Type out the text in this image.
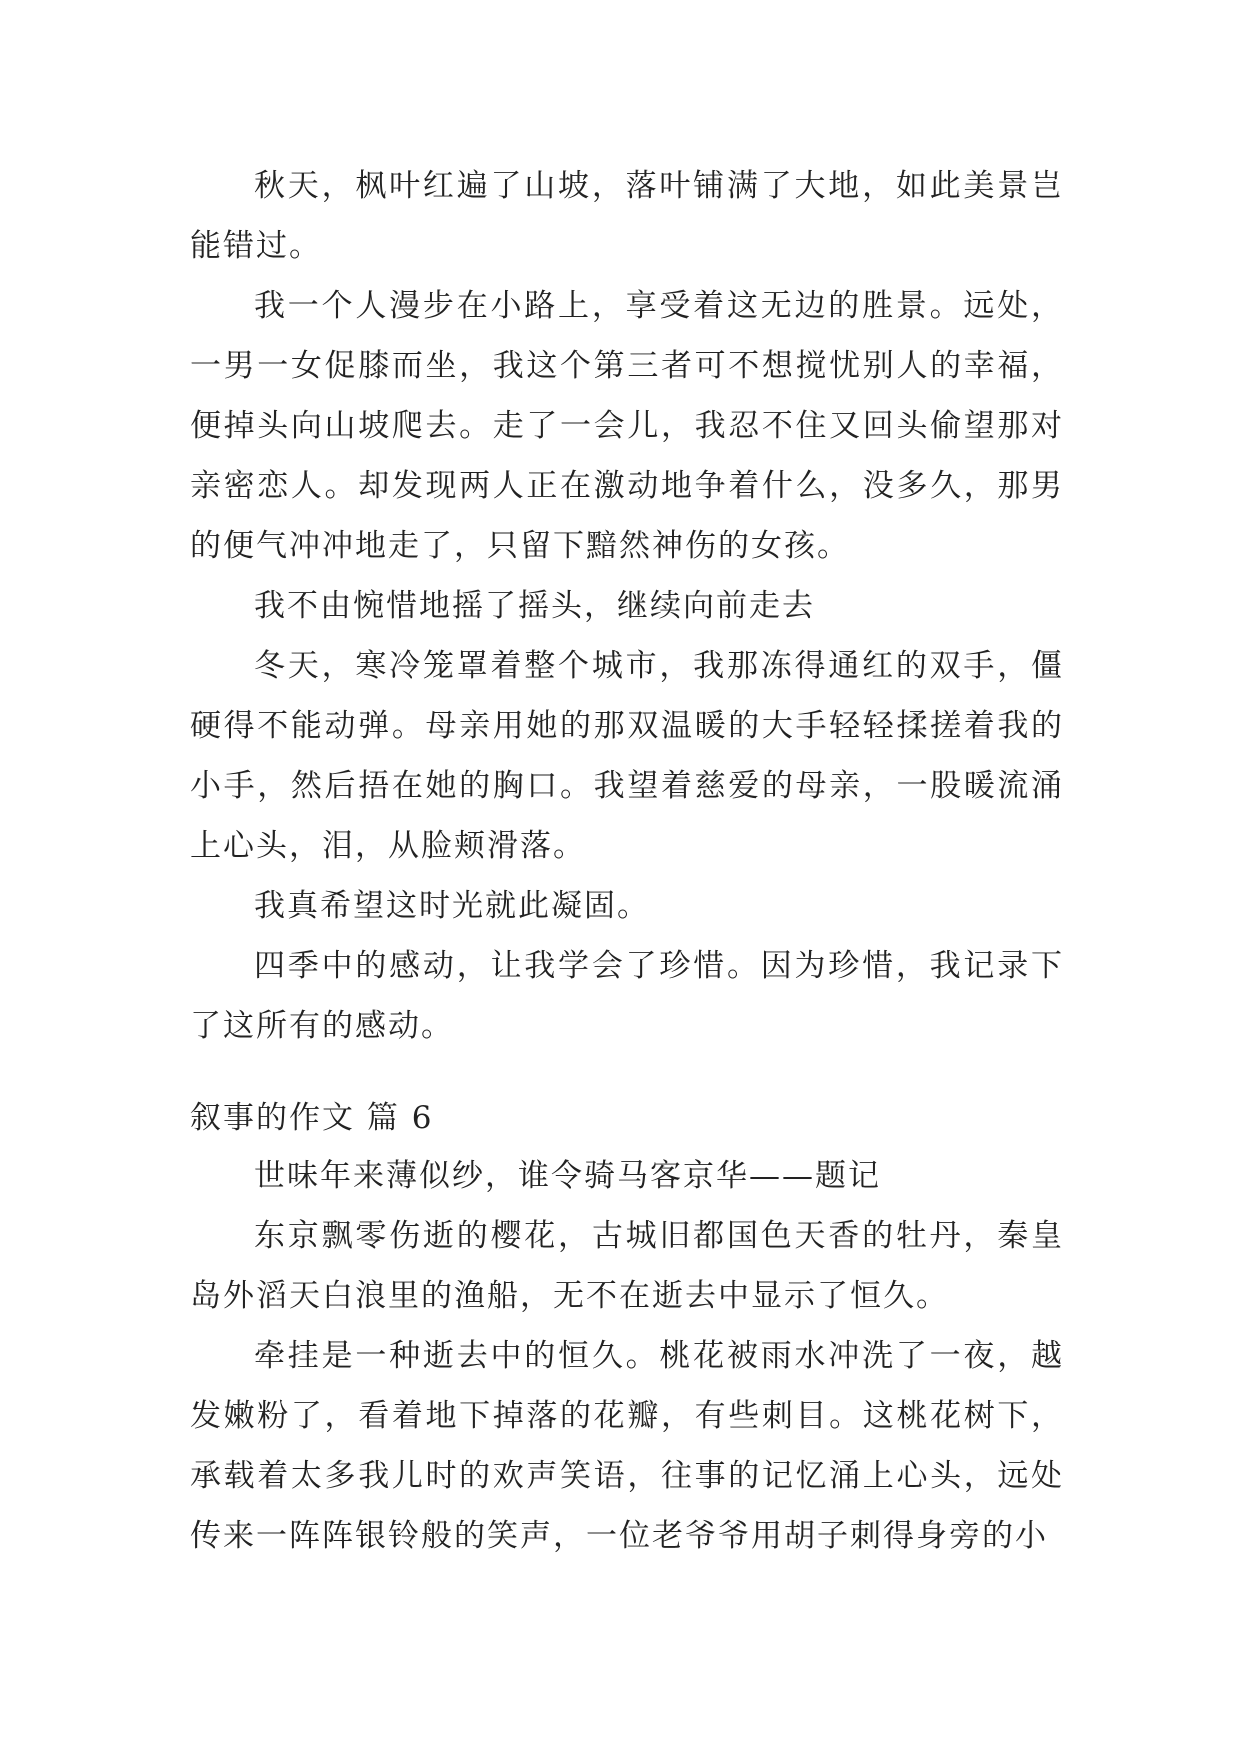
秋天，枫叶红遍了山坡，落叶铺满了大地，如此美景岂能错过。

我一个人漫步在小路上，享受着这无边的胜景。远处，一男一女促膝而坐，我这个第三者可不想搅忧别人的幸福，便掉头向山坡爬去。走了一会儿，我忍不住又回头偷望那对亲密恋人。却发现两人正在激动地争着什么，没多久，那男的便气冲冲地走了，只留下黯然神伤的女孩。

我不由惋惜地摇了摇头，继续向前走去

冬天，寒冷笼罩着整个城市，我那冻得通红的双手，僵硬得不能动弹。母亲用她的那双温暖的大手轻轻揉搓着我的小手，然后捂在她的胸口。我望着慈爱的母亲，一股暖流涌上心头，泪，从脸颊滑落。

我真希望这时光就此凝固。

四季中的感动，让我学会了珍惜。因为珍惜，我记录下了这所有的感动。

叙事的作文 篇 6

世味年来薄似纱，谁令骑马客京华——题记

东京飘零伤逝的樱花，古城旧都国色天香的牡丹，秦皇岛外滔天白浪里的渔船，无不在逝去中显示了恒久。

牵挂是一种逝去中的恒久。桃花被雨水冲洗了一夜，越发嫩粉了，看着地下掉落的花瓣，有些刺目。这桃花树下，承载着太多我儿时的欢声笑语，往事的记忆涌上心头，远处传来一阵阵银铃般的笑声，一位老爷爷用胡子刺得身旁的小
